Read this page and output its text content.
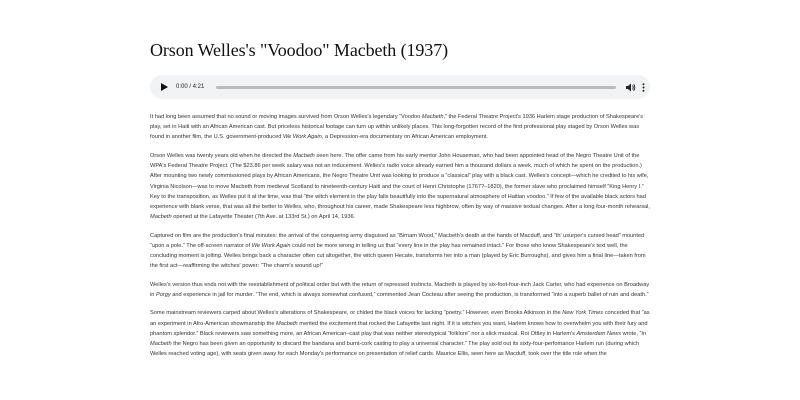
Orson Welles's "Voodoo" Macbeth (1937)
0:00 / 4:21

It had long been assumed that no sound or moving images survived from Orson Welles's legendary “Voodoo Macbeth,” the Federal Theatre Project's 1936 Harlem stage production of Shakespeare's play, set in Haiti with an African American cast. But priceless historical footage can turn up within unlikely places. This long-forgotten record of the first professional play staged by Orson Welles was found in another film, the U.S. government-produced We Work Again, a Depression-era documentary on African American employment.

Orson Welles was twenty years old when he directed the Macbeth seen here. The offer came from his early mentor John Houseman, who had been appointed head of the Negro Theatre Unit of the WPA's Federal Theatre Project. (The $23.86 per week salary was not an inducement. Welles's radio voice already earned him a thousand dollars a week, much of which he spent on the production.) After mounting two newly commissioned plays by African Americans, the Negro Theatre Unit was looking to produce a “classical” play with a black cast. Welles's concept—which he credited to his wife, Virginia Nicolson—was to move Macbeth from medieval Scotland to nineteenth-century Haiti and the court of Henri Christophe (1767?–1820), the former slave who proclaimed himself “King Henry I.” Key to the transposition, as Welles put it at the time, was that “the witch element in the play falls beautifully into the supernatural atmosphere of Haitian voodoo.” If few of the available black actors had experience with blank verse, that was all the better to Welles, who, throughout his career, made Shakespeare less highbrow, often by way of massive textual changes. After a long four-month rehearsal, Macbeth opened at the Lafayette Theater (7th Ave. at 133rd St.) on April 14, 1936.

Captured on film are the production's final minutes: the arrival of the conquering army disguised as “Birnam Wood,” Macbeth's death at the hands of Macduff, and “th' usurper's cursed head” mounted “upon a pole.” The off-screen narrator of We Work Again could not be more wrong in telling us that “every line in the play has remained intact.” For those who know Shakespeare's text well, the concluding moment is jolting. Welles brings back a character often cut altogether, the witch queen Hecate, transforms her into a man (played by Eric Burroughs), and gives him a final line—taken from the first act—reaffirming the witches' power: “The charm's wound up!”

Welles's version thus ends not with the reestablishment of political order but with the return of repressed instincts. Macbeth is played by six-foot-four-inch Jack Carter, who had experience on Broadway in Porgy and experience in jail for murder. “The end, which is always somewhat confused,” commented Jean Cocteau after seeing the production, is transformed “into a superb ballet of ruin and death.”

Some mainstream reviewers carped about Welles's alterations of Shakespeare, or chided the black voices for lacking “poetry.” However, even Brooks Atkinson in the New York Times conceded that “as an experiment in Afro-American showmanship the Macbeth merited the excitement that rocked the Lafayette last night. If it is witches you want, Harlem knows how to overwhelm you with their fury and phantom splendor.” Black reviewers saw something more, an African American–cast play that was neither stereotypical “folklore” nor a slick musical. Roi Ottley in Harlem's Amsterdam News wrote, “In Macbeth the Negro has been given an opportunity to discard the bandana and burnt-cork casting to play a universal character.” The play sold out its sixty-four-perfomance Harlem run (during which Welles reached voting age), with seats given away for each Monday's performance on presentation of relief cards. Maurice Ellis, seen here as Macduff, took over the title role when the
